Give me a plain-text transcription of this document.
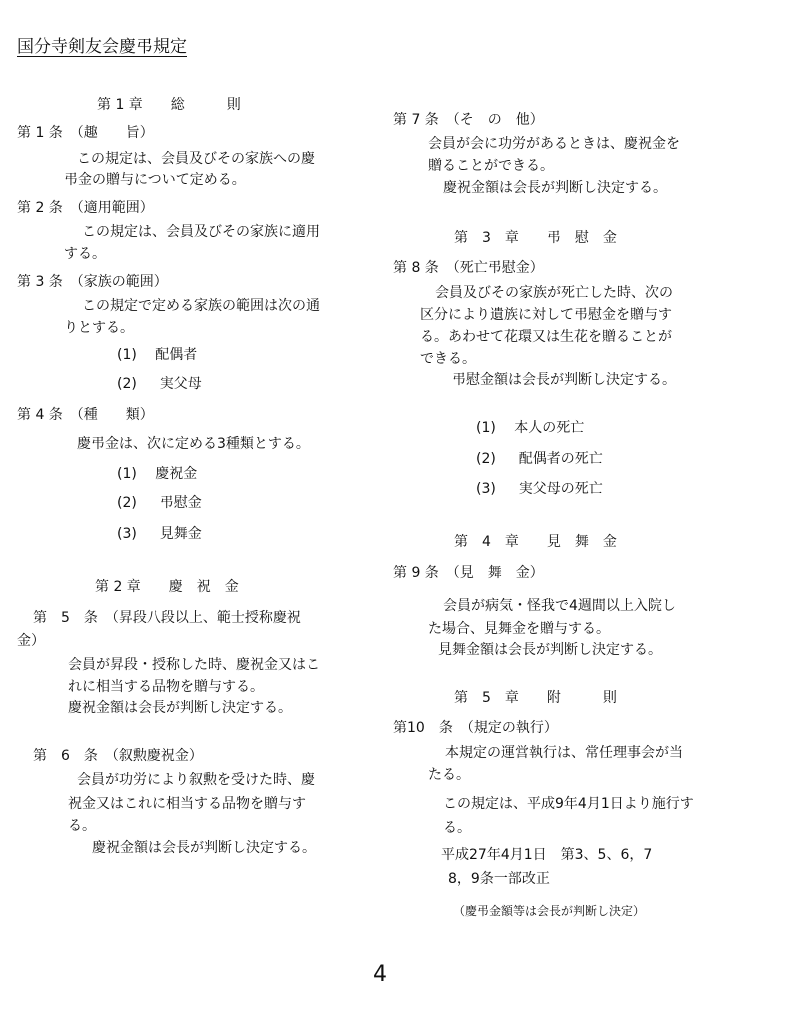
国分寺剣友会慶弔規定
第 1 章　　総　　　則
第 1 条　（趣　　旨）
この規定は、会員及びその家族への慶
弔金の贈与について定める。
第 2 条　（適用範囲）
この規定は、会員及びその家族に適用
する。
第 3 条　（家族の範囲）
この規定で定める家族の範囲は次の通
りとする。
(1)　 配偶者
(2)　  実父母
第 4 条　（種　　類）
慶弔金は、次に定める3種類とする。
(1)　 慶祝金
(2)　  弔慰金
(3)　  見舞金
第 2 章　　慶　祝　金
第　5　条　（昇段八段以上、範士授称慶祝
金）
会員が昇段・授称した時、慶祝金又はこ
れに相当する品物を贈与する。
慶祝金額は会長が判断し決定する。
第　6　条　（叙勲慶祝金）
会員が功労により叙勲を受けた時、慶
祝金又はこれに相当する品物を贈与す
る。
慶祝金額は会長が判断し決定する。
第 7 条　（そ　の　他）
会員が会に功労があるときは、慶祝金を
贈ることができる。
慶祝金額は会長が判断し決定する。
第　3　章　　弔　慰　金
第 8 条　（死亡弔慰金）
会員及びその家族が死亡した時、次の
区分により遺族に対して弔慰金を贈与す
る。あわせて花環又は生花を贈ることが
できる。
弔慰金額は会長が判断し決定する。
(1)　 本人の死亡
(2)　  配偶者の死亡
(3)　  実父母の死亡
第　4　章　　見　舞　金
第 9 条　（見　舞　金）
会員が病気・怪我で4週間以上入院し
た場合、見舞金を贈与する。
見舞金額は会長が判断し決定する。
第　5　章　　附　　　則
第10　条　（規定の執行）
本規定の運営執行は、常任理事会が当
たる。
この規定は、平成9年4月1日より施行す
る。
平成27年4月1日　第3、5、6，7
8，9条一部改正
（慶弔金額等は会長が判断し決定）
4
